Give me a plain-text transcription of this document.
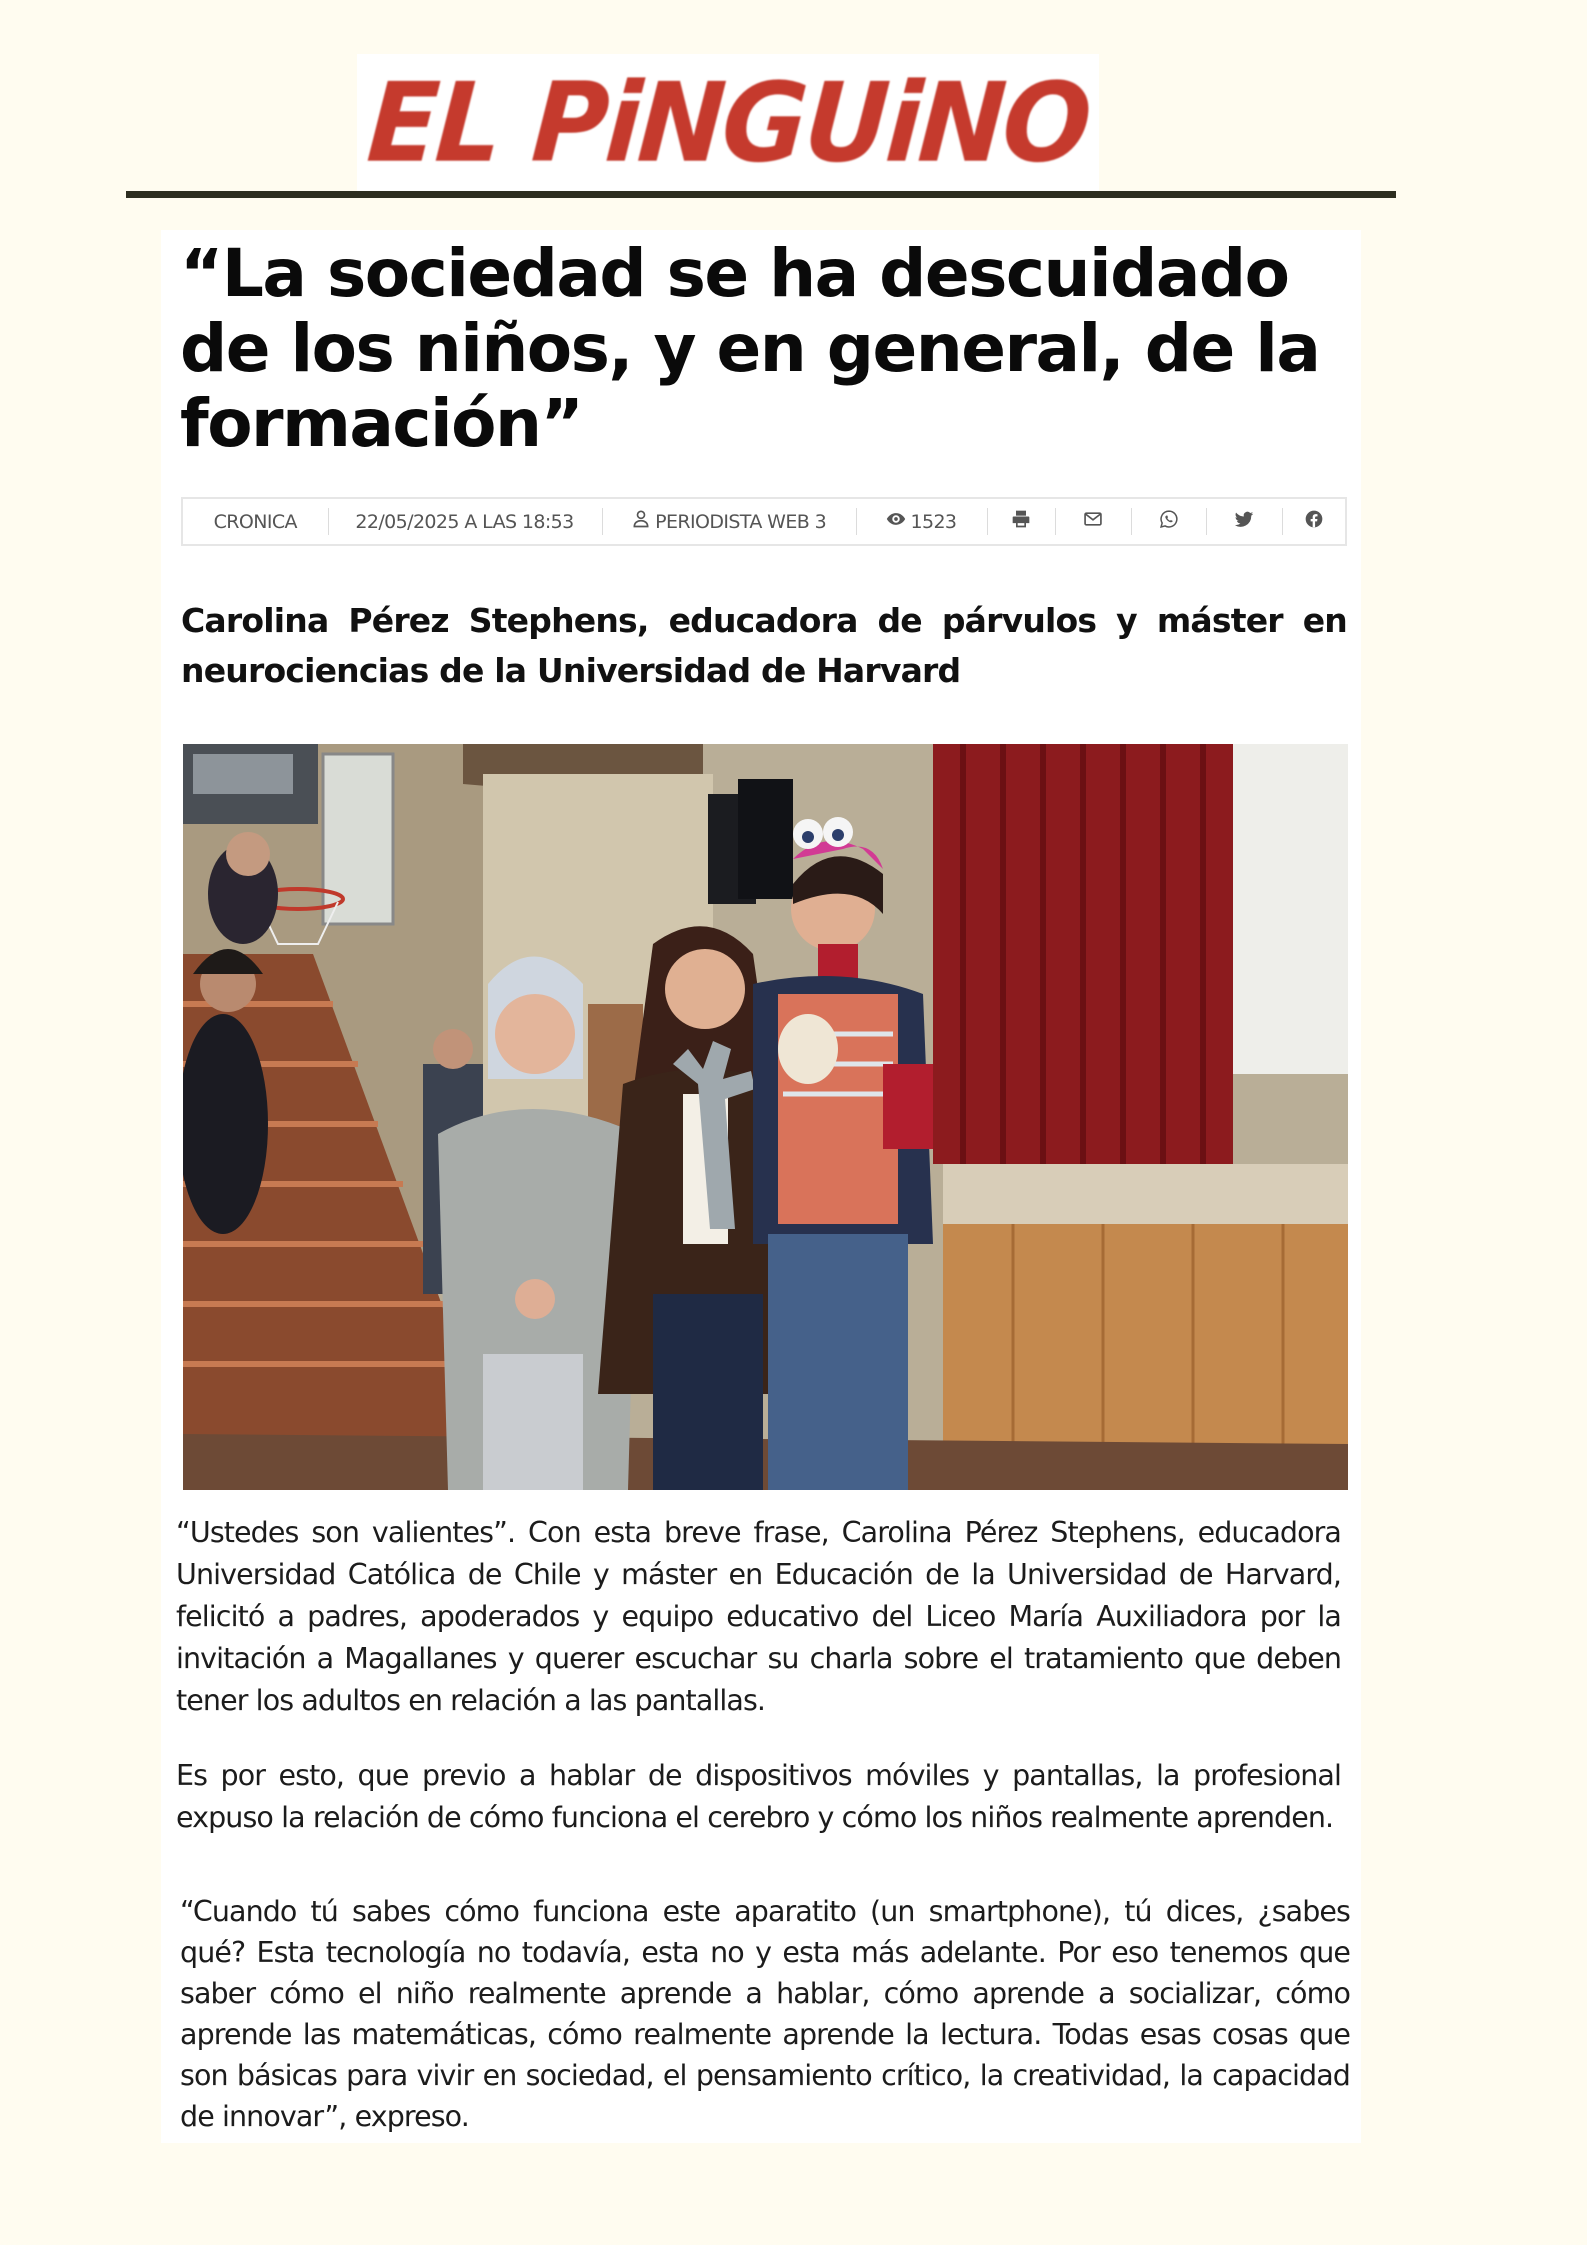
EL PiNGUiNO
“La sociedad se ha descuidado de los niños, y en general, de la formación”
CRONICA	22/05/2025 A LAS 18:53	PERIODISTA WEB 3	1523

Carolina Pérez Stephens, educadora de párvulos y máster en neurociencias de la Universidad de Harvard

“Ustedes son valientes”. Con esta breve frase, Carolina Pérez Stephens, educadora Universidad Católica de Chile y máster en Educación de la Universidad de Harvard, felicitó a padres, apoderados y equipo educativo del Liceo María Auxiliadora por la invitación a Magallanes y querer escuchar su charla sobre el tratamiento que deben tener los adultos en relación a las pantallas.

Es por esto, que previo a hablar de dispositivos móviles y pantallas, la profesional expuso la relación de cómo funciona el cerebro y cómo los niños realmente aprenden.

“Cuando tú sabes cómo funciona este aparatito (un smartphone), tú dices, ¿sabes qué? Esta tecnología no todavía, esta no y esta más adelante. Por eso tenemos que saber cómo el niño realmente aprende a hablar, cómo aprende a socializar, cómo aprende las matemáticas, cómo realmente aprende la lectura. Todas esas cosas que son básicas para vivir en sociedad, el pensamiento crítico, la creatividad, la capacidad de innovar”, expreso.
